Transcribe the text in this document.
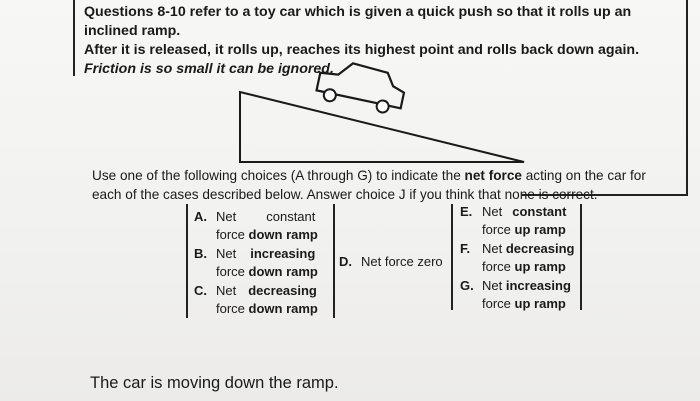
Questions 8-10 refer to a toy car which is given a quick push so that it rolls up an inclined ramp.
After it is released, it rolls up, reaches its highest point and rolls back down again.
Friction is so small it can be ignored.
Use one of the following choices (A through G) to indicate the net force acting on the car for
each of the cases described below. Answer choice J if you think that none is correct.
A. Net constant
force down ramp
B. Net increasing
force down ramp
C. Net decreasing
force down ramp
D. Net force zero
E. Net constant
force up ramp
F. Net decreasing
force up ramp
G. Net increasing
force up ramp
The car is moving down the ramp.
